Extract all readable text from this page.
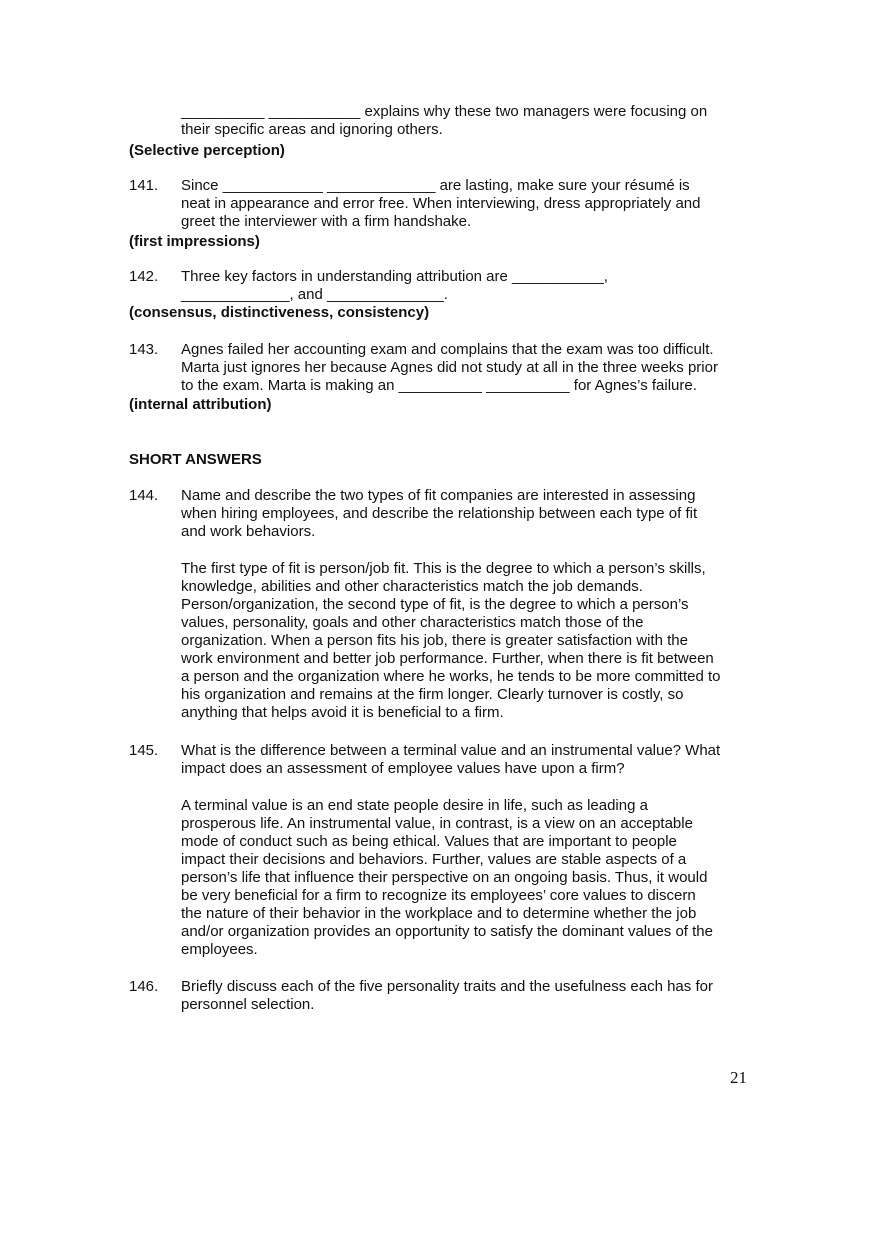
__________ ___________ explains why these two managers were focusing on
their specific areas and ignoring others.
(Selective perception)
141.	Since ____________ _____________ are lasting, make sure your résumé is
neat in appearance and error free. When interviewing, dress appropriately and
greet the interviewer with a firm handshake.
(first impressions)
142.	Three key factors in understanding attribution are ___________,
_____________, and ______________.
(consensus, distinctiveness, consistency)
143.	Agnes failed her accounting exam and complains that the exam was too difficult.
Marta just ignores her because Agnes did not study at all in the three weeks prior
to the exam. Marta is making an __________ __________ for Agnes’s failure.
(internal attribution)
SHORT ANSWERS
144.	Name and describe the two types of fit companies are interested in assessing
when hiring employees, and describe the relationship between each type of fit
and work behaviors.
The first type of fit is person/job fit. This is the degree to which a person’s skills,
knowledge, abilities and other characteristics match the job demands.
Person/organization, the second type of fit, is the degree to which a person’s
values, personality, goals and other characteristics match those of the
organization. When a person fits his job, there is greater satisfaction with the
work environment and better job performance. Further, when there is fit between
a person and the organization where he works, he tends to be more committed to
his organization and remains at the firm longer. Clearly turnover is costly, so
anything that helps avoid it is beneficial to a firm.
145.	What is the difference between a terminal value and an instrumental value? What
impact does an assessment of employee values have upon a firm?
A terminal value is an end state people desire in life, such as leading a
prosperous life. An instrumental value, in contrast, is a view on an acceptable
mode of conduct such as being ethical. Values that are important to people
impact their decisions and behaviors. Further, values are stable aspects of a
person’s life that influence their perspective on an ongoing basis. Thus, it would
be very beneficial for a firm to recognize its employees’ core values to discern
the nature of their behavior in the workplace and to determine whether the job
and/or organization provides an opportunity to satisfy the dominant values of the
employees.
146.	Briefly discuss each of the five personality traits and the usefulness each has for
personnel selection.
21
